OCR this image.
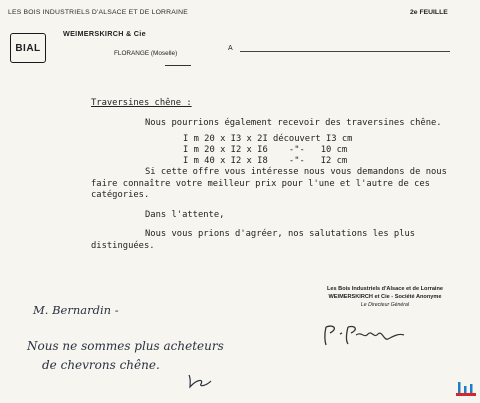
LES BOIS INDUSTRIELS D'ALSACE ET DE LORRAINE	2e FEUILLE
BIAL
WEIMERSKIRCH & Cie
FLORANGE (Moselle)
A
Traversines chêne :
Nous pourrions également recevoir des traversines chêne.
I m 20 x I3 x 2I découvert I3 cm
I m 20 x I2 x I6    -"-   10 cm
I m 40 x I2 x I8    -"-   I2 cm
Si cette offre vous intéresse nous vous demandons de nous
faire connaître votre meilleur prix pour l'une et l'autre de ces
catégories.
Dans l'attente,
Nous vous prions d'agréer, nos salutations les plus
distinguées.
Les Bois Industriels d'Alsace et de Lorraine
WEIMERSKIRCH et Cie - Société Anonyme
Le Directeur Général
M. Bernardin -
Nous ne sommes plus acheteurs
de chevrons chêne.
